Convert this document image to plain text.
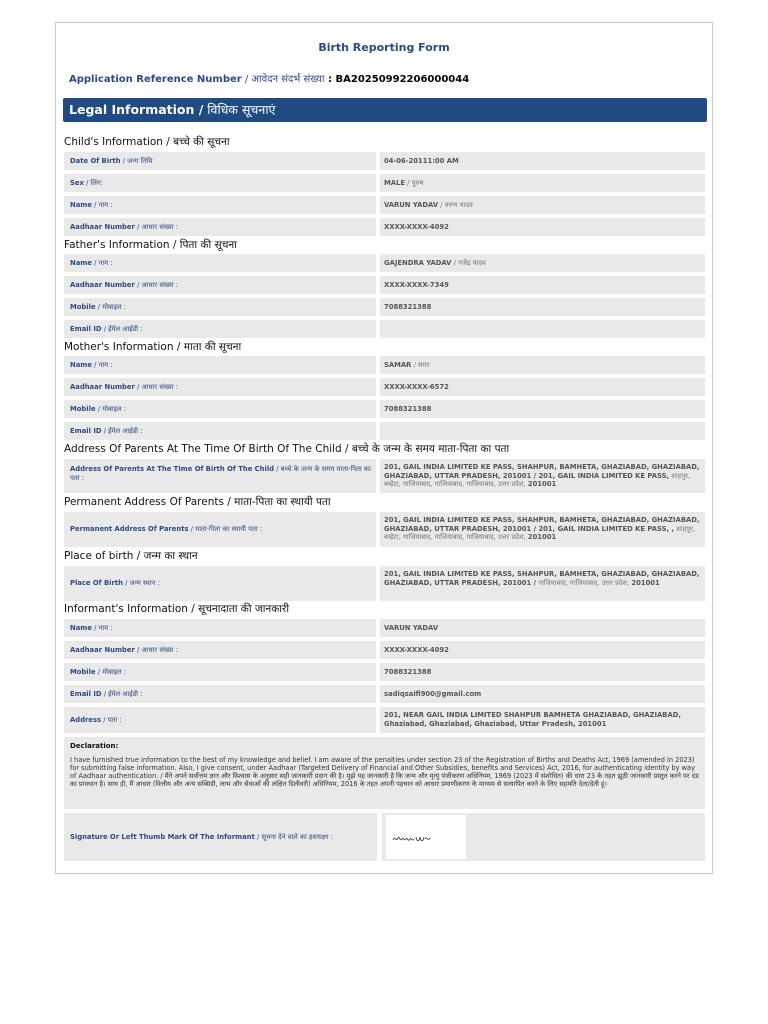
Birth Reporting Form
Application Reference Number / आवेदन संदर्भ संख्या : BA20250992206000044
Legal Information / विधिक सूचनाएं
Child's Information / बच्चे की सूचना
Date Of Birth / जन्म तिथि	04-06-20111:00 AM
Sex / लिंग:	MALE / पुरुष
Name / नाम :	VARUN YADAV / वरुण यादव
Aadhaar Number / आधार संख्या :	XXXX-XXXX-4092
Father's Information / पिता की सूचना
Name / नाम :	GAJENDRA YADAV / गजेंद्र यादव
Aadhaar Number / आधार संख्या :	XXXX-XXXX-7349
Mobile / मोबाइल :	7088321388
Email ID / ईमेल आईडी :
Mother's Information / माता की सूचना
Name / नाम :	SAMAR / समर
Aadhaar Number / आधार संख्या :	XXXX-XXXX-6572
Mobile / मोबाइल :	7088321388
Email ID / ईमेल आईडी :
Address Of Parents At The Time Of Birth Of The Child / बच्चे के जन्म के समय माता-पिता का पता
Address Of Parents At The Time Of Birth Of The Child / बच्चे के जन्म के समय माता-पिता का पता :
201, GAIL INDIA LIMITED KE PASS, SHAHPUR, BAMHETA, GHAZIABAD, GHAZIABAD, GHAZIABAD, UTTAR PRADESH, 201001 / 201, GAIL INDIA LIMITED KE PASS, शाहपुर, बम्हेटा, गाजियाबाद, गाजियाबाद, गाजियाबाद, उत्तर प्रदेश, 201001
Permanent Address Of Parents / माता-पिता का स्थायी पता
Permanent Address Of Parents / माता-पिता का स्थायी पता :
201, GAIL INDIA LIMITED KE PASS, SHAHPUR, BAMHETA, GHAZIABAD, GHAZIABAD, GHAZIABAD, UTTAR PRADESH, 201001 / 201, GAIL INDIA LIMITED KE PASS, , शाहपुर, बम्हेटा, गाजियाबाद, गाजियाबाद, गाजियाबाद, उत्तर प्रदेश, 201001
Place of birth / जन्म का स्थान
Place Of Birth / जन्म स्थान :
201, GAIL INDIA LIMITED KE PASS, SHAHPUR, BAMHETA, GHAZIABAD, GHAZIABAD, GHAZIABAD, UTTAR PRADESH, 201001 / गाजियाबाद, गाजियाबाद, उत्तर प्रदेश, 201001
Informant's Information / सूचनादाता की जानकारी
Name / नाम :	VARUN YADAV
Aadhaar Number / आधार संख्या :	XXXX-XXXX-4092
Mobile / मोबाइल :	7088321388
Email ID / ईमेल आईडी :	sadiqsaifi900@gmail.com
Address / पता :
201, NEAR GAIL INDIA LIMITED SHAHPUR BAMHETA GHAZIABAD, GHAZIABAD, Ghaziabad, Ghaziabad, Ghaziabad, Uttar Pradesh, 201001
Declaration:
I have furnished true information to the best of my knowledge and belief. I am aware of the penalties under section 23 of the Registration of Births and Deaths Act, 1969 (amended in 2023) for submitting false information. Also, I give consent, under Aadhaar (Targeted Delivery of Financial and Other Subsidies, benefits and Services) Act, 2016, for authenticating identity by way of Aadhaar authentication. / मैंने अपने सर्वोत्तम ज्ञान और विश्वास के अनुसार सही जानकारी प्रदान की है। मुझे यह जानकारी है कि जन्म और मृत्यु पंजीकरण अधिनियम, 1969 (2023 में संशोधित) की धारा 23 के तहत झूठी जानकारी प्रस्तुत करने पर दंड का प्रावधान है। साथ ही, मैं आधार (वित्तीय और अन्य सब्सिडी, लाभ और सेवाओं की लक्षित डिलीवरी) अधिनियम, 2016 के तहत अपनी पहचान को आधार प्रमाणीकरण के माध्यम से सत्यापित करने के लिए सहमति देता/देती हूं।
Signature Or Left Thumb Mark Of The Informant / सूचना देने वाले का हस्ताक्षर :
